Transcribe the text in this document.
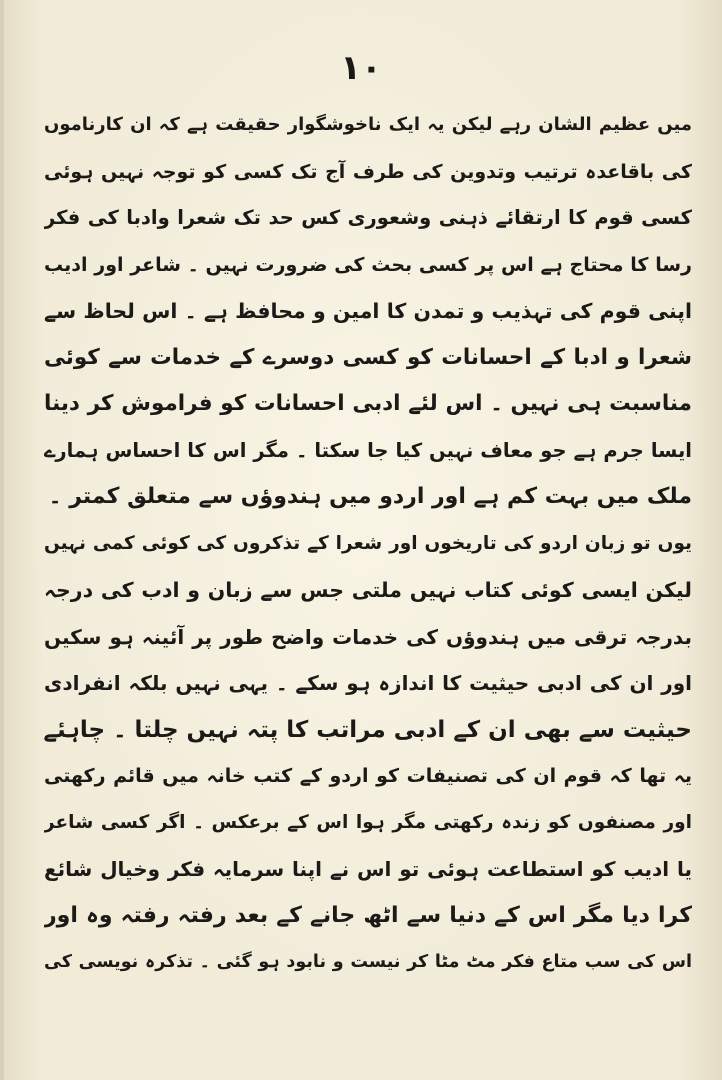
١٠
میں عظیم الشان رہے لیکن یہ ایک ناخوشگوار حقیقت ہے کہ ان کارناموں
کی باقاعدہ ترتیب وتدوین کی طرف آج تک کسی کو توجہ نہیں ہوئی
کسی قوم کا ارتقائے ذہنی وشعوری کس حد تک شعرا وادبا کی فکر
رسا کا محتاج ہے اس پر کسی بحث کی ضرورت نہیں ۔ شاعر اور ادیب
اپنی قوم کی تہذیب و تمدن کا امین و محافظ ہے ۔ اس لحاظ سے
شعرا و ادبا کے احسانات کو کسی دوسرے کے خدمات سے کوئی
مناسبت ہی نہیں ۔ اس لئے ادبی احسانات کو فراموش کر دینا
ایسا جرم ہے جو معاف نہیں کیا جا سکتا ۔ مگر اس کا احساس ہمارے
ملک میں بہت کم ہے اور اردو میں ہندوؤں سے متعلق کمتر ۔
یوں تو زبان اردو کی تاریخوں اور شعرا کے تذکروں کی کوئی کمی نہیں
لیکن ایسی کوئی کتاب نہیں ملتی جس سے زبان و ادب کی درجہ
بدرجہ ترقی میں ہندوؤں کی خدمات واضح طور پر آئینہ ہو سکیں
اور ان کی ادبی حیثیت کا اندازہ ہو سکے ۔ یہی نہیں بلکہ انفرادی
حیثیت سے بھی ان کے ادبی مراتب کا پتہ نہیں چلتا ۔ چاہئے
یہ تھا کہ قوم ان کی تصنیفات کو اردو کے کتب خانہ میں قائم رکھتی
اور مصنفوں کو زندہ رکھتی مگر ہوا اس کے برعکس ۔ اگر کسی شاعر
یا ادیب کو استطاعت ہوئی تو اس نے اپنا سرمایہ فکر وخیال شائع
کرا دیا مگر اس کے دنیا سے اٹھ جانے کے بعد رفتہ رفتہ وہ اور
اس کی سب متاع فکر مٹ مٹا کر نیست و نابود ہو گئی ۔ تذکرہ نویسی کی
